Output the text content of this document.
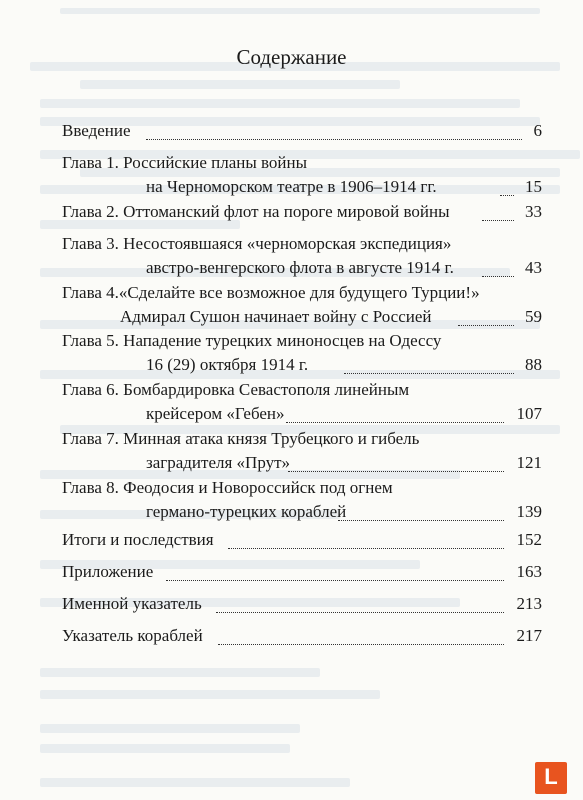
Содержание
Введение	6
Глава 1. Российские планы войны
на Черноморском театре в 1906–1914 гг.	15
Глава 2. Оттоманский флот на пороге мировой войны	33
Глава 3. Несостоявшаяся «черноморская экспедиция»
австро-венгерского флота в августе 1914 г.	43
Глава 4.«Сделайте все возможное для будущего Турции!»
Адмирал Сушон начинает войну с Россией	59
Глава 5. Нападение турецких миноносцев на Одессу
16 (29) октября 1914 г.	88
Глава 6. Бомбардировка Севастополя линейным
крейсером «Гебен»	107
Глава 7. Минная атака князя Трубецкого и гибель
заградителя «Прут»	121
Глава 8. Феодосия и Новороссийск под огнем
германо-турецких кораблей	139
Итоги и последствия	152
Приложение	163
Именной указатель	213
Указатель кораблей	217
L
